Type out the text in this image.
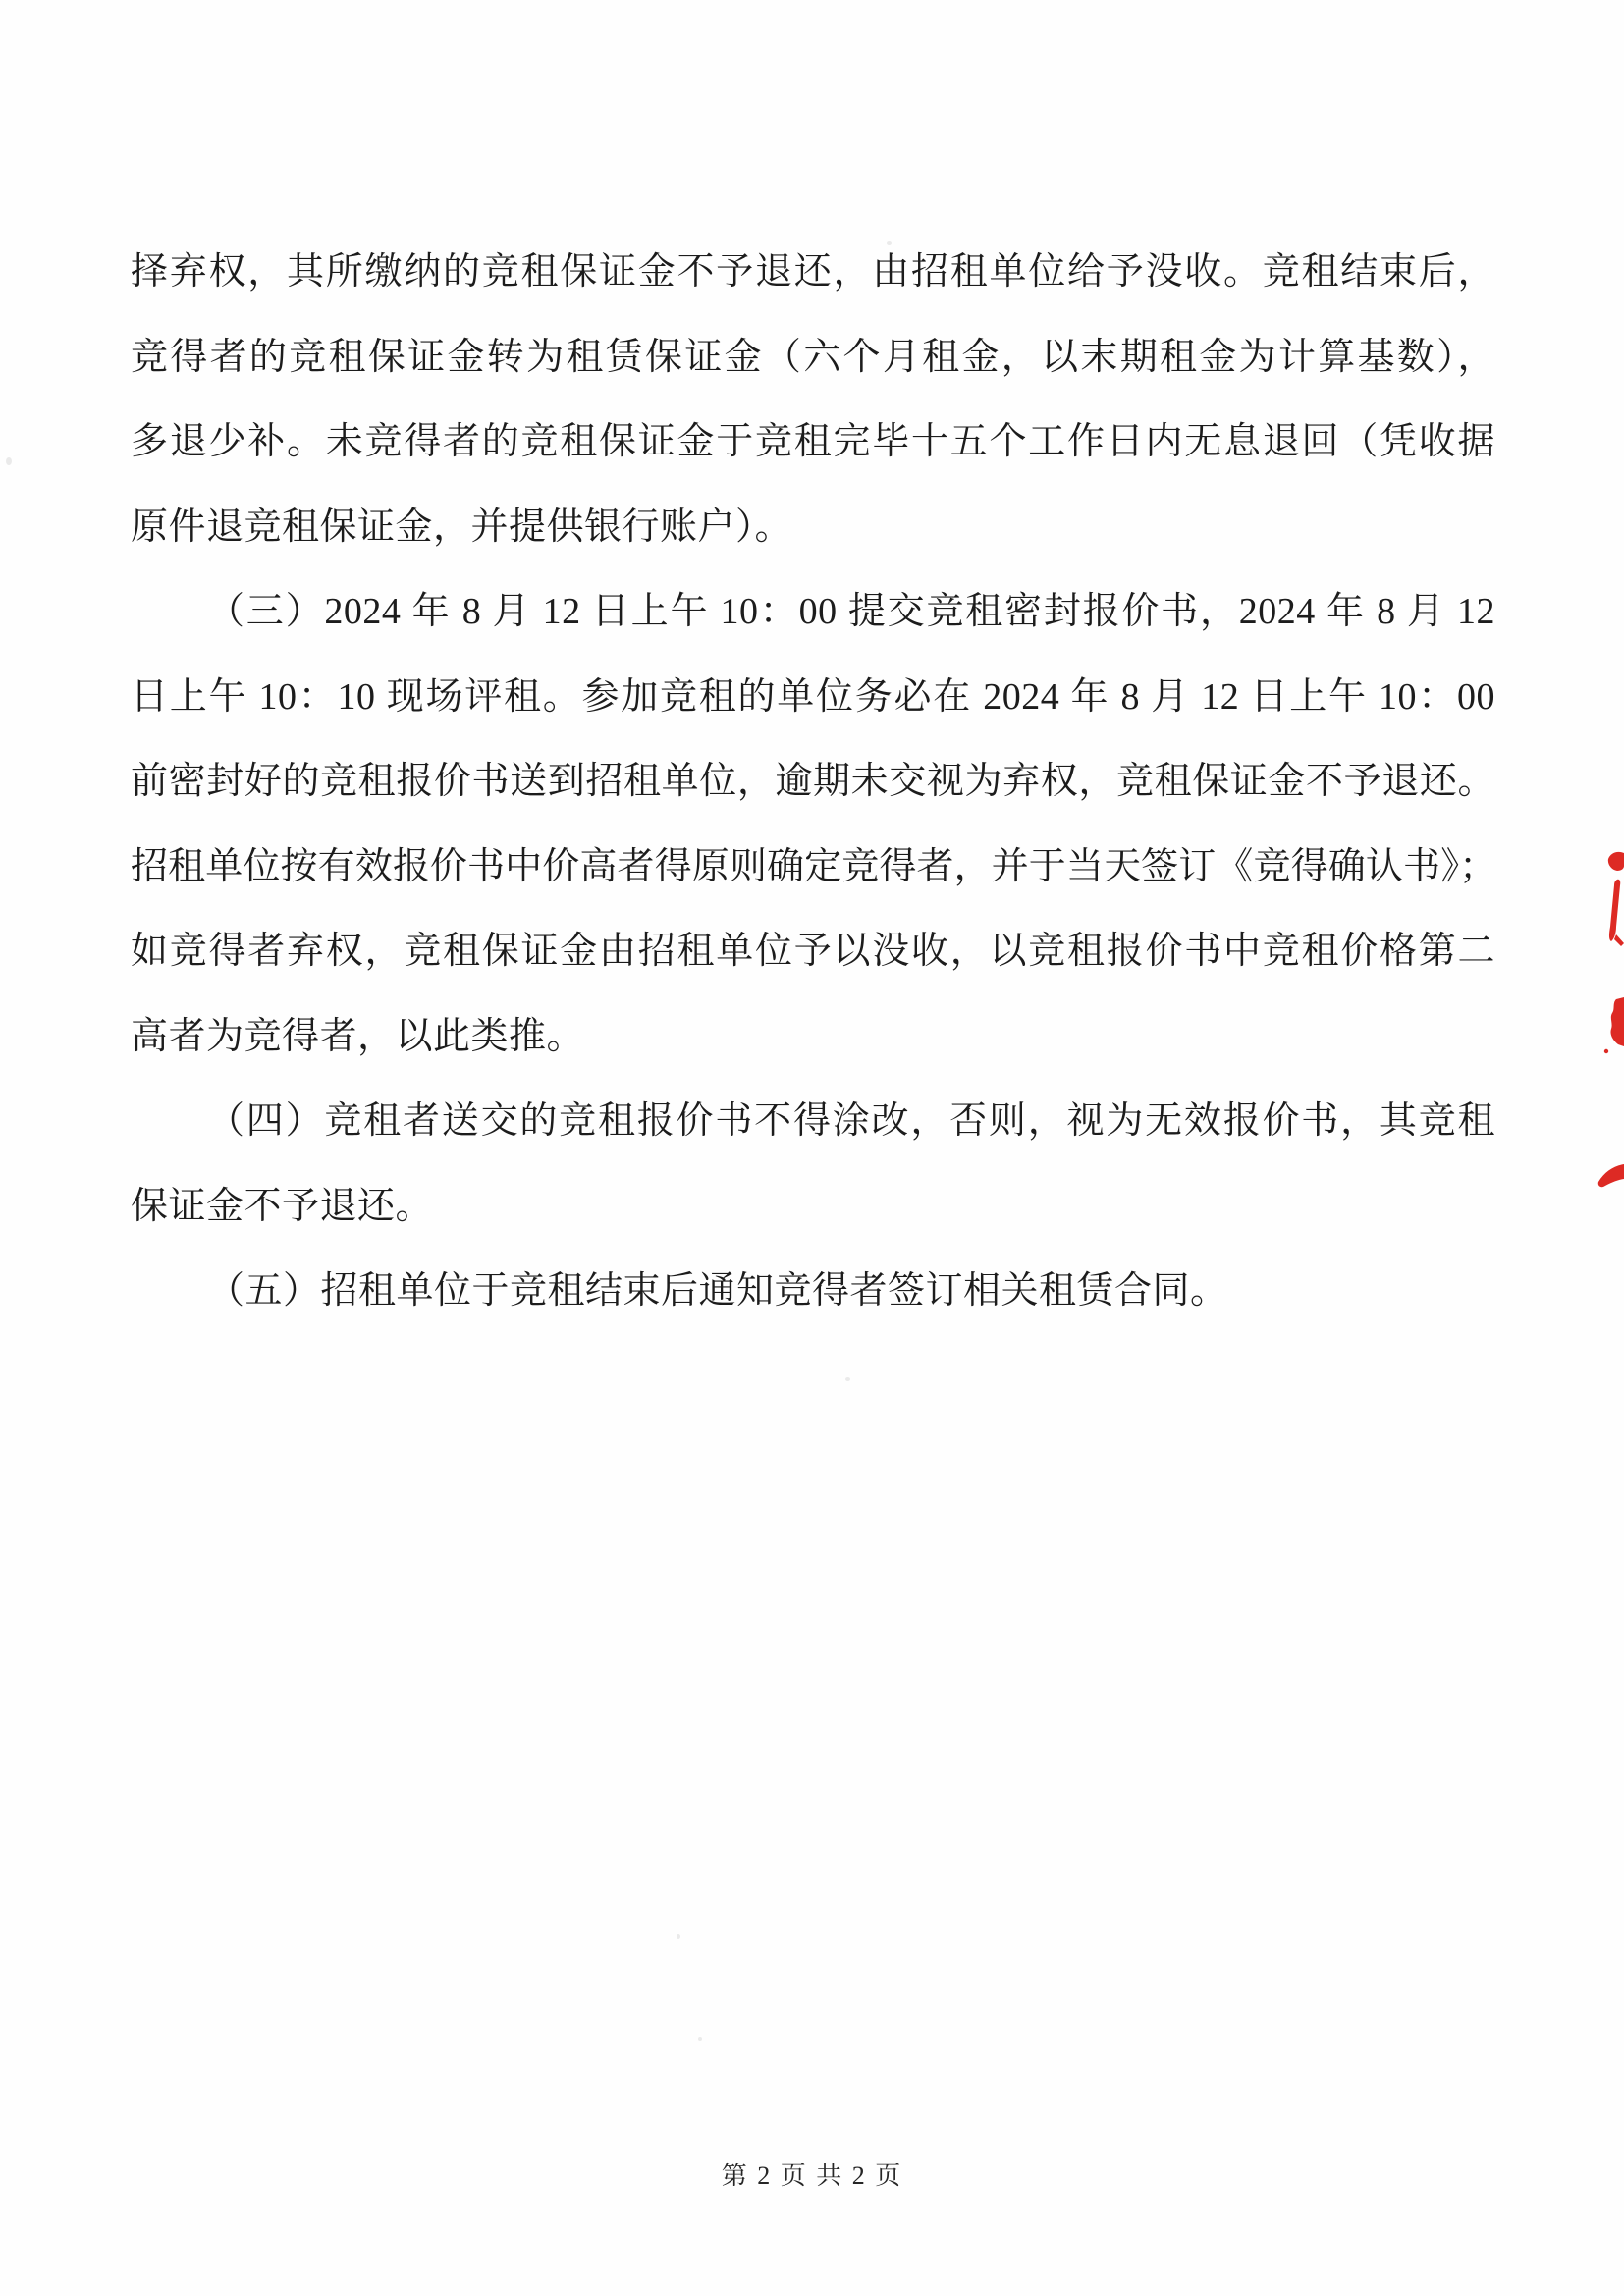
择弃权，其所缴纳的竞租保证金不予退还，由招租单位给予没收。竞租结束后，
竞得者的竞租保证金转为租赁保证金（六个月租金，以末期租金为计算基数），
多退少补。未竞得者的竞租保证金于竞租完毕十五个工作日内无息退回（凭收据
原件退竞租保证金，并提供银行账户）。
（三）2024 年 8 月 12 日上午 10：00 提交竞租密封报价书，2024 年 8 月 12
日上午 10：10 现场评租。参加竞租的单位务必在 2024 年 8 月 12 日上午 10：00
前密封好的竞租报价书送到招租单位，逾期未交视为弃权，竞租保证金不予退还。
招租单位按有效报价书中价高者得原则确定竞得者，并于当天签订《竞得确认书》；
如竞得者弃权，竞租保证金由招租单位予以没收，以竞租报价书中竞租价格第二
高者为竞得者，以此类推。
（四）竞租者送交的竞租报价书不得涂改，否则，视为无效报价书，其竞租
保证金不予退还。
（五）招租单位于竞租结束后通知竞得者签订相关租赁合同。
第 2 页 共 2 页
